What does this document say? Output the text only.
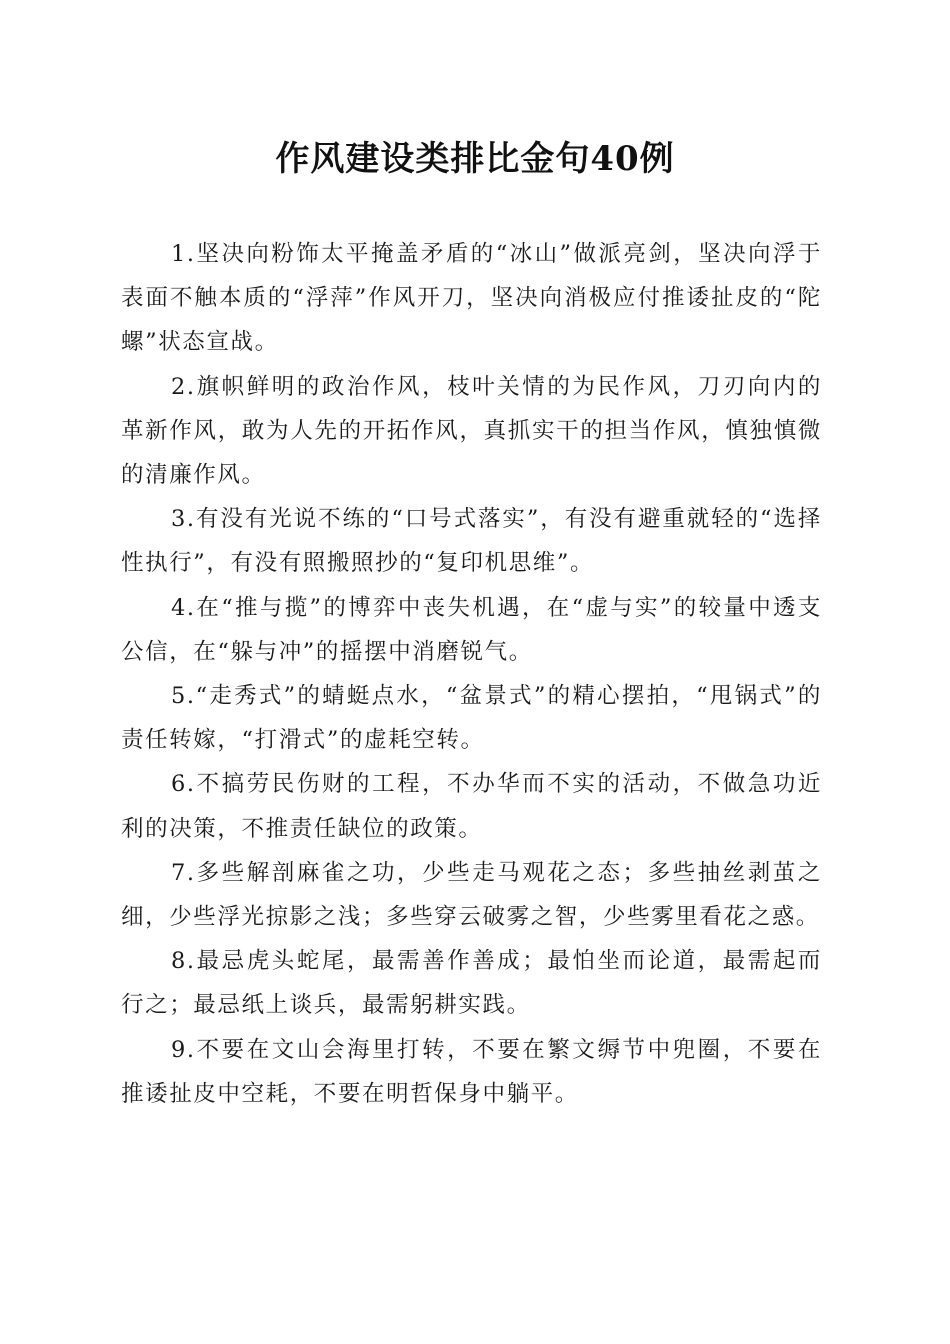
作风建设类排比金句40例

1.坚决向粉饰太平掩盖矛盾的“冰山”做派亮剑，坚决向浮于表面不触本质的“浮萍”作风开刀，坚决向消极应付推诿扯皮的“陀螺”状态宣战。

2.旗帜鲜明的政治作风，枝叶关情的为民作风，刀刃向内的革新作风，敢为人先的开拓作风，真抓实干的担当作风，慎独慎微的清廉作风。

3.有没有光说不练的“口号式落实”，有没有避重就轻的“选择性执行”，有没有照搬照抄的“复印机思维”。

4.在“推与揽”的博弈中丧失机遇，在“虚与实”的较量中透支公信，在“躲与冲”的摇摆中消磨锐气。

5.“走秀式”的蜻蜓点水，“盆景式”的精心摆拍，“甩锅式”的责任转嫁，“打滑式”的虚耗空转。

6.不搞劳民伤财的工程，不办华而不实的活动，不做急功近利的决策，不推责任缺位的政策。

7.多些解剖麻雀之功，少些走马观花之态；多些抽丝剥茧之细，少些浮光掠影之浅；多些穿云破雾之智，少些雾里看花之惑。

8.最忌虎头蛇尾，最需善作善成；最怕坐而论道，最需起而行之；最忌纸上谈兵，最需躬耕实践。

9.不要在文山会海里打转，不要在繁文缛节中兜圈，不要在推诿扯皮中空耗，不要在明哲保身中躺平。
